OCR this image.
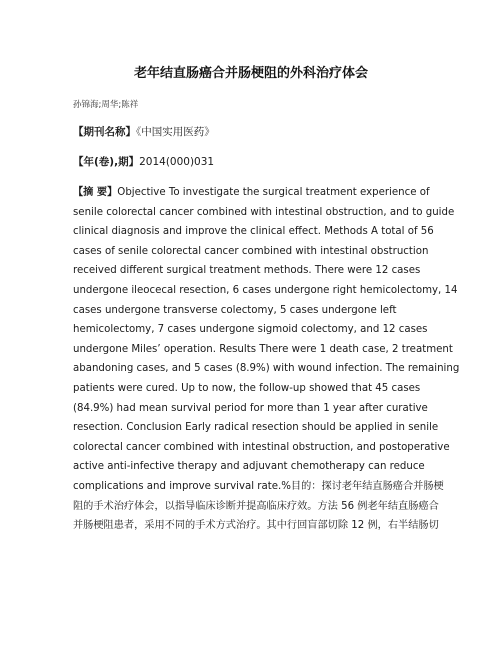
老年结直肠癌合并肠梗阻的外科治疗体会
孙锦海;周华;陈祥
【期刊名称】《中国实用医药》
【年(卷),期】2014(000)031
【摘 要】Objective To investigate the surgical treatment experience of
senile colorectal cancer combined with intestinal obstruction, and to guide
clinical diagnosis and improve the clinical effect. Methods A total of 56
cases of senile colorectal cancer combined with intestinal obstruction
received different surgical treatment methods. There were 12 cases
undergone ileocecal resection, 6 cases undergone right hemicolectomy, 14
cases undergone transverse colectomy, 5 cases undergone left
hemicolectomy, 7 cases undergone sigmoid colectomy, and 12 cases
undergone Miles’ operation. Results There were 1 death case, 2 treatment
abandoning cases, and 5 cases (8.9%) with wound infection. The remaining
patients were cured. Up to now, the follow-up showed that 45 cases
(84.9%) had mean survival period for more than 1 year after curative
resection. Conclusion Early radical resection should be applied in senile
colorectal cancer combined with intestinal obstruction, and postoperative
active anti-infective therapy and adjuvant chemotherapy can reduce
complications and improve survival rate.%目的：探讨老年结直肠癌合并肠梗
阻的手术治疗体会，以指导临床诊断并提高临床疗效。方法 56 例老年结直肠癌合
并肠梗阻患者，采用不同的手术方式治疗。其中行回盲部切除 12 例，右半结肠切
